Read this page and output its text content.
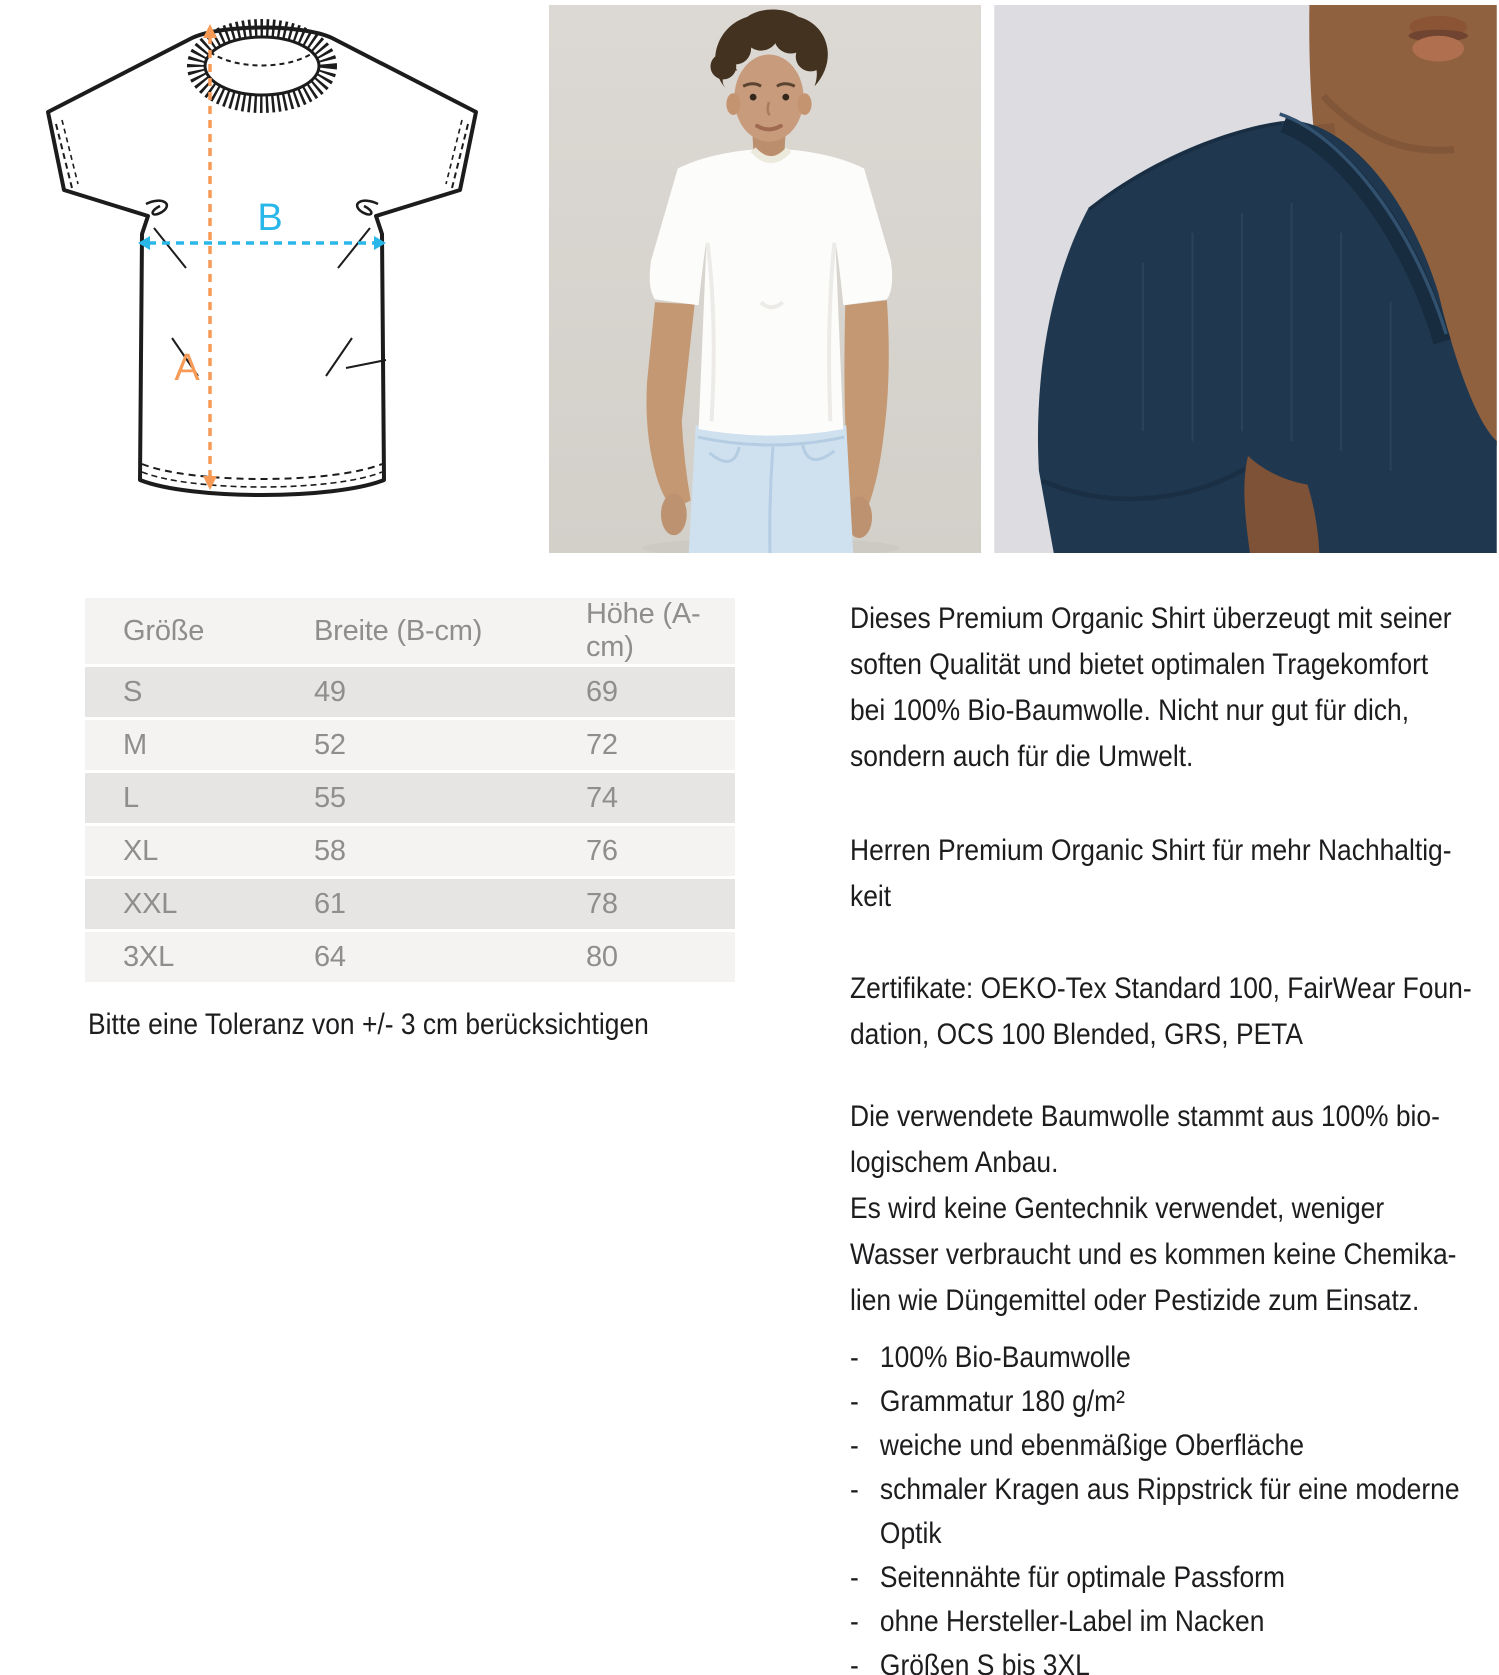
B
A
Größe	Breite (B-cm)	Höhe (A-cm)
S	49	69
M	52	72
L	55	74
XL	58	76
XXL	61	78
3XL	64	80
Bitte eine Toleranz von +/- 3 cm berücksichtigen
Dieses Premium Organic Shirt überzeugt mit seiner
soften Qualität und bietet optimalen Tragekomfort
bei 100% Bio-Baumwolle. Nicht nur gut für dich,
sondern auch für die Umwelt.
Herren Premium Organic Shirt für mehr Nachhaltig-
keit
Zertifikate: OEKO-Tex Standard 100, FairWear Foun-
dation, OCS 100 Blended, GRS, PETA
Die verwendete Baumwolle stammt aus 100% bio-
logischem Anbau.
Es wird keine Gentechnik verwendet, weniger
Wasser verbraucht und es kommen keine Chemika-
lien wie Düngemittel oder Pestizide zum Einsatz.
- 100% Bio-Baumwolle
- Grammatur 180 g/m²
- weiche und ebenmäßige Oberfläche
- schmaler Kragen aus Rippstrick für eine moderne
Optik
- Seitennähte für optimale Passform
- ohne Hersteller-Label im Nacken
- Größen S bis 3XL
